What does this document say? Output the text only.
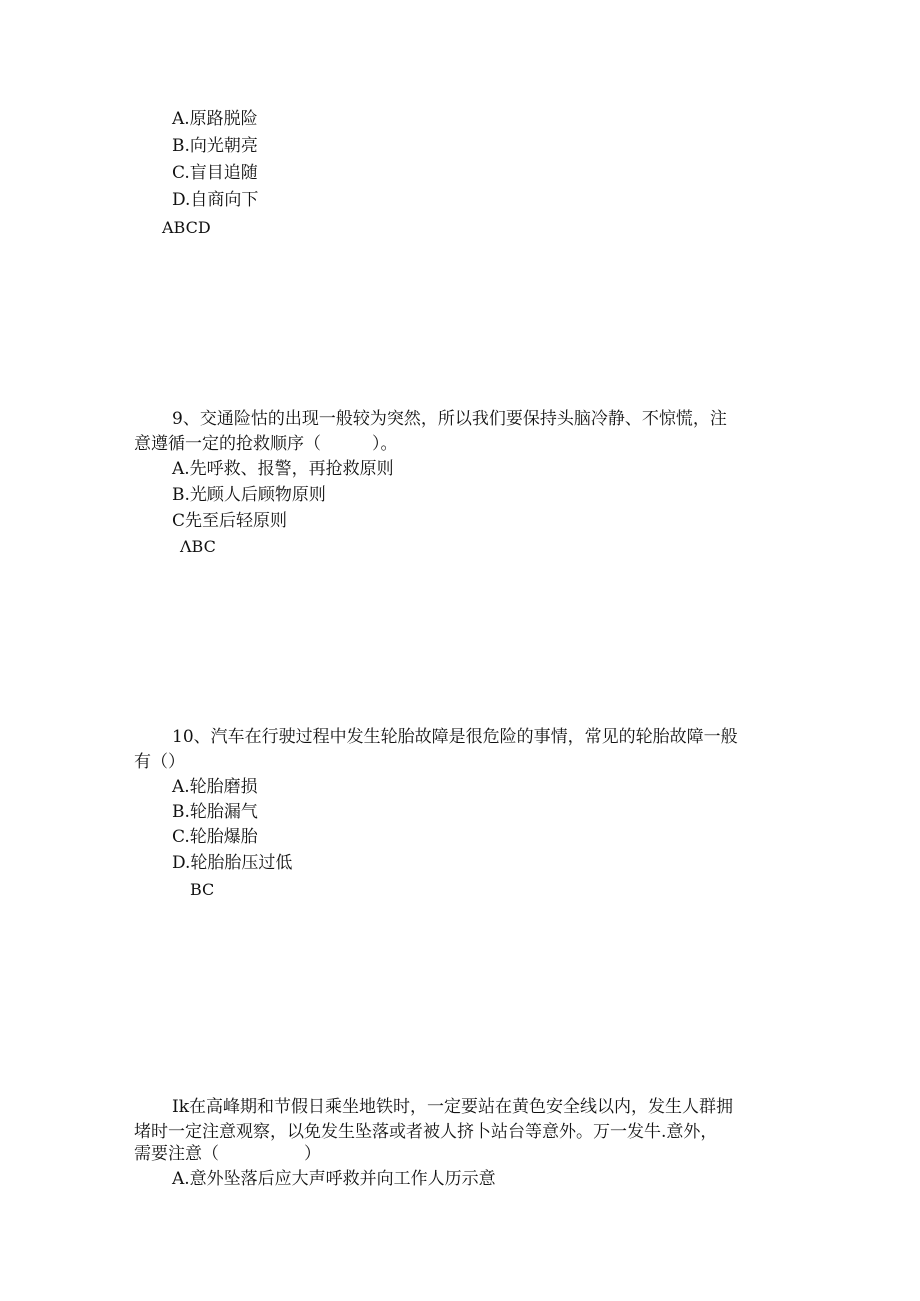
A.原路脱险
B.向光朝亮
C.盲目追随
D.自商向下
ABCD
9、交通险怙的出现一般较为突然，所以我们要保持头脑冷静、不惊慌，注
意遵循一定的抢救顺序（　　　）。
A.先呼救、报警，再抢救原则
B.光顾人后顾物原则
C先至后轻原则
ΛBC
10、汽车在行驶过程中发生轮胎故障是很危险的事情，常见的轮胎故障一般
有（）
A.轮胎磨损
B.轮胎漏气
C.轮胎爆胎
D.轮胎胎压过低
BC
Ik在高峰期和节假日乘坐地铁时，一定要站在黄色安全线以内，发生人群拥
堵时一定注意观察，以免发生坠落或者被人挤卜站台等意外。万一发牛.意外，
需要注意（　　　　　）
A.意外坠落后应大声呼救并向工作人历示意
